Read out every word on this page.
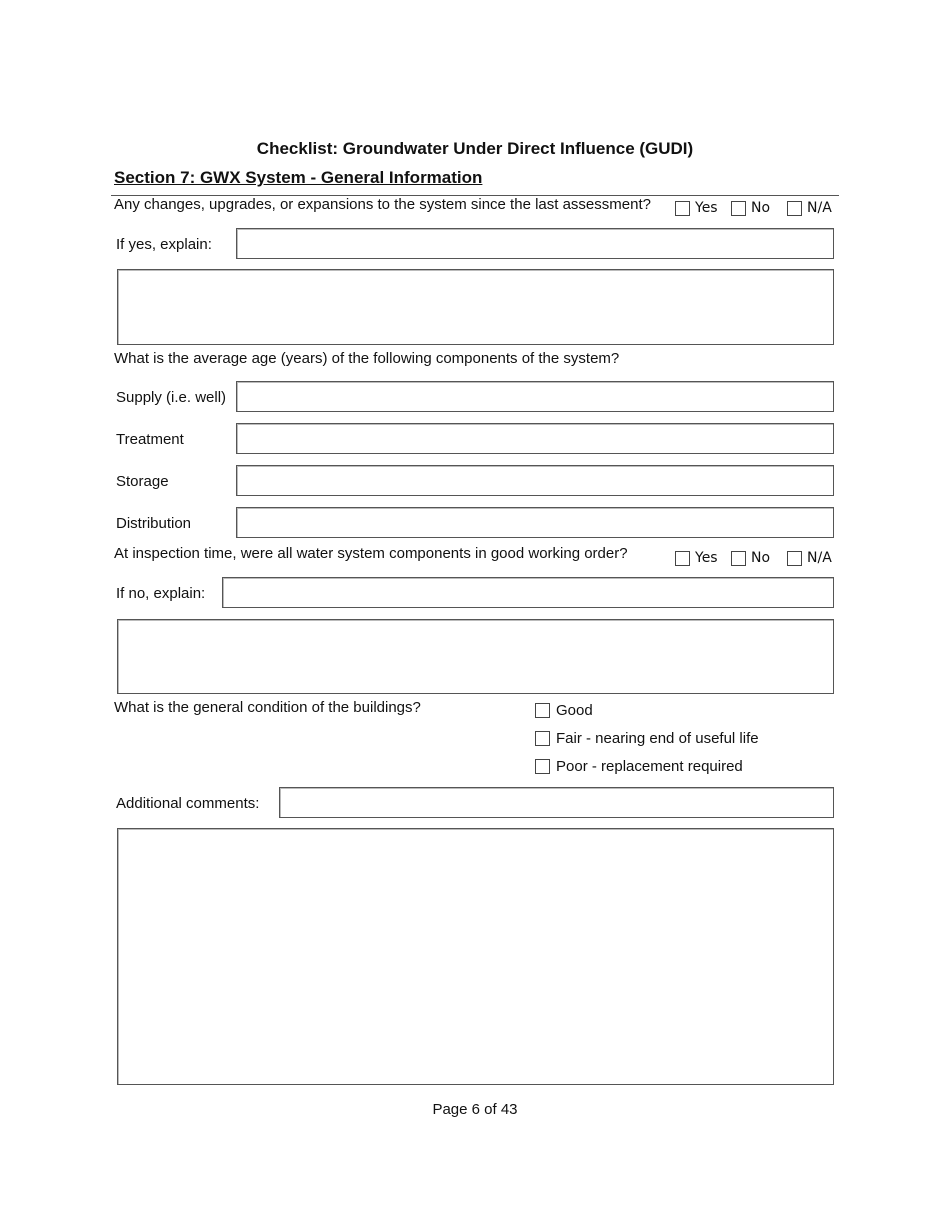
Checklist: Groundwater Under Direct Influence (GUDI)
Section 7: GWX System - General Information
Any changes, upgrades, or expansions to the system since the last assessment?	Yes No	N/A
If yes, explain:
What is the average age (years) of the following components of the system?
Supply (i.e. well)
Treatment
Storage
Distribution
At inspection time, were all water system components in good working order?	Yes No	N/A
If no, explain:
What is the general condition of the buildings?	Good
Fair - nearing end of useful life
Poor - replacement required
Additional comments:
Page 6 of 43
